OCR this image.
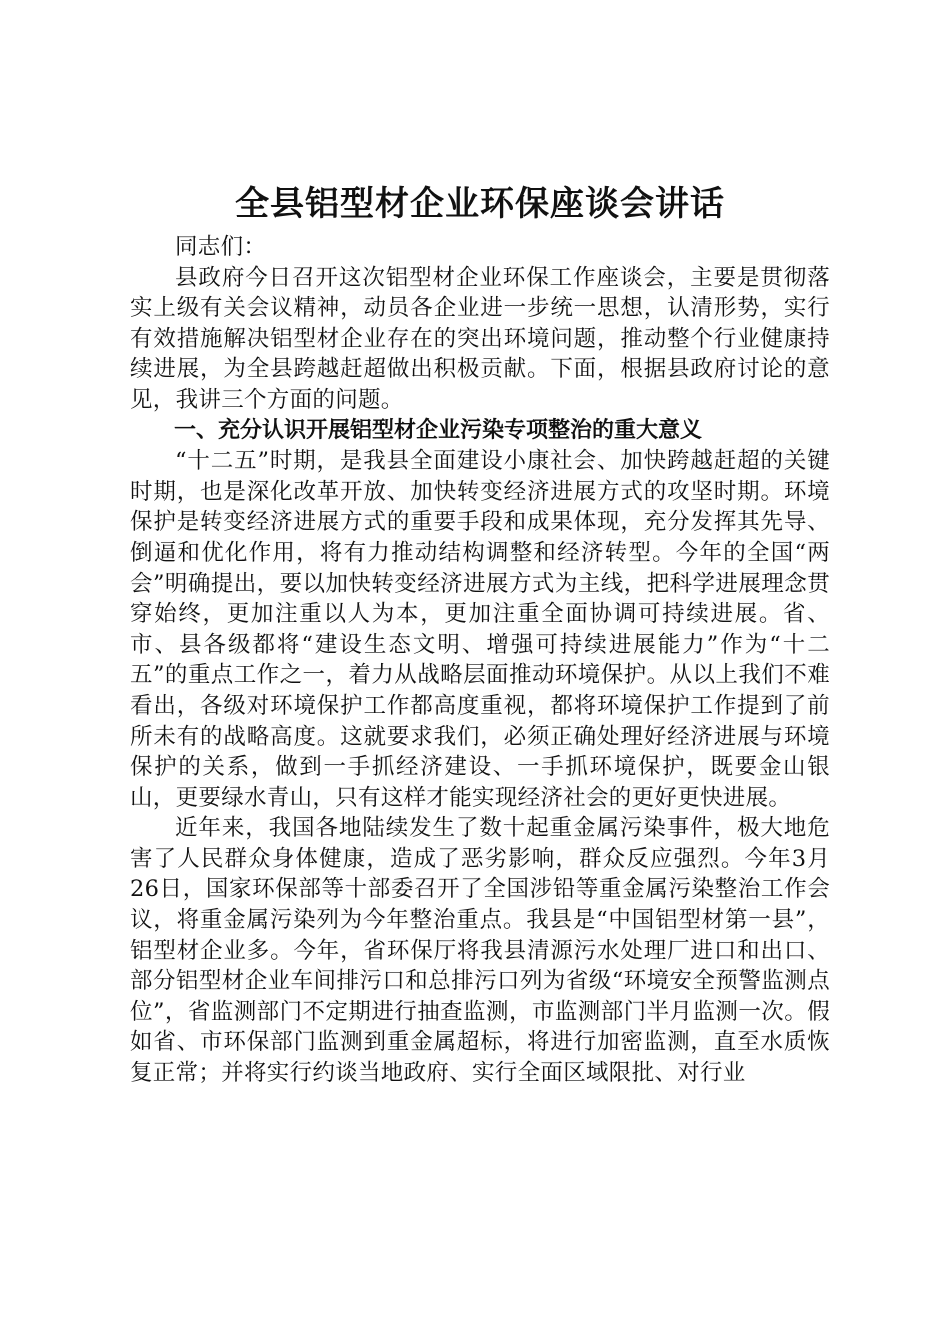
全县铝型材企业环保座谈会讲话

同志们：

县政府今日召开这次铝型材企业环保工作座谈会，主要是贯彻落实上级有关会议精神，动员各企业进一步统一思想，认清形势，实行有效措施解决铝型材企业存在的突出环境问题，推动整个行业健康持续进展，为全县跨越赶超做出积极贡献。下面，根据县政府讨论的意见，我讲三个方面的问题。

一、充分认识开展铝型材企业污染专项整治的重大意义

“十二五”时期，是我县全面建设小康社会、加快跨越赶超的关键时期，也是深化改革开放、加快转变经济进展方式的攻坚时期。环境保护是转变经济进展方式的重要手段和成果体现，充分发挥其先导、倒逼和优化作用，将有力推动结构调整和经济转型。今年的全国“两会”明确提出，要以加快转变经济进展方式为主线，把科学进展理念贯穿始终，更加注重以人为本，更加注重全面协调可持续进展。省、市、县各级都将“建设生态文明、增强可持续进展能力”作为“十二五”的重点工作之一，着力从战略层面推动环境保护。从以上我们不难看出，各级对环境保护工作都高度重视，都将环境保护工作提到了前所未有的战略高度。这就要求我们，必须正确处理好经济进展与环境保护的关系，做到一手抓经济建设、一手抓环境保护，既要金山银山，更要绿水青山，只有这样才能实现经济社会的更好更快进展。

近年来，我国各地陆续发生了数十起重金属污染事件，极大地危害了人民群众身体健康，造成了恶劣影响，群众反应强烈。今年3月26日，国家环保部等十部委召开了全国涉铅等重金属污染整治工作会议，将重金属污染列为今年整治重点。我县是“中国铝型材第一县”，铝型材企业多。今年，省环保厅将我县清源污水处理厂进口和出口、部分铝型材企业车间排污口和总排污口列为省级“环境安全预警监测点位”，省监测部门不定期进行抽查监测，市监测部门半月监测一次。假如省、市环保部门监测到重金属超标，将进行加密监测，直至水质恢复正常；并将实行约谈当地政府、实行全面区域限批、对行业
